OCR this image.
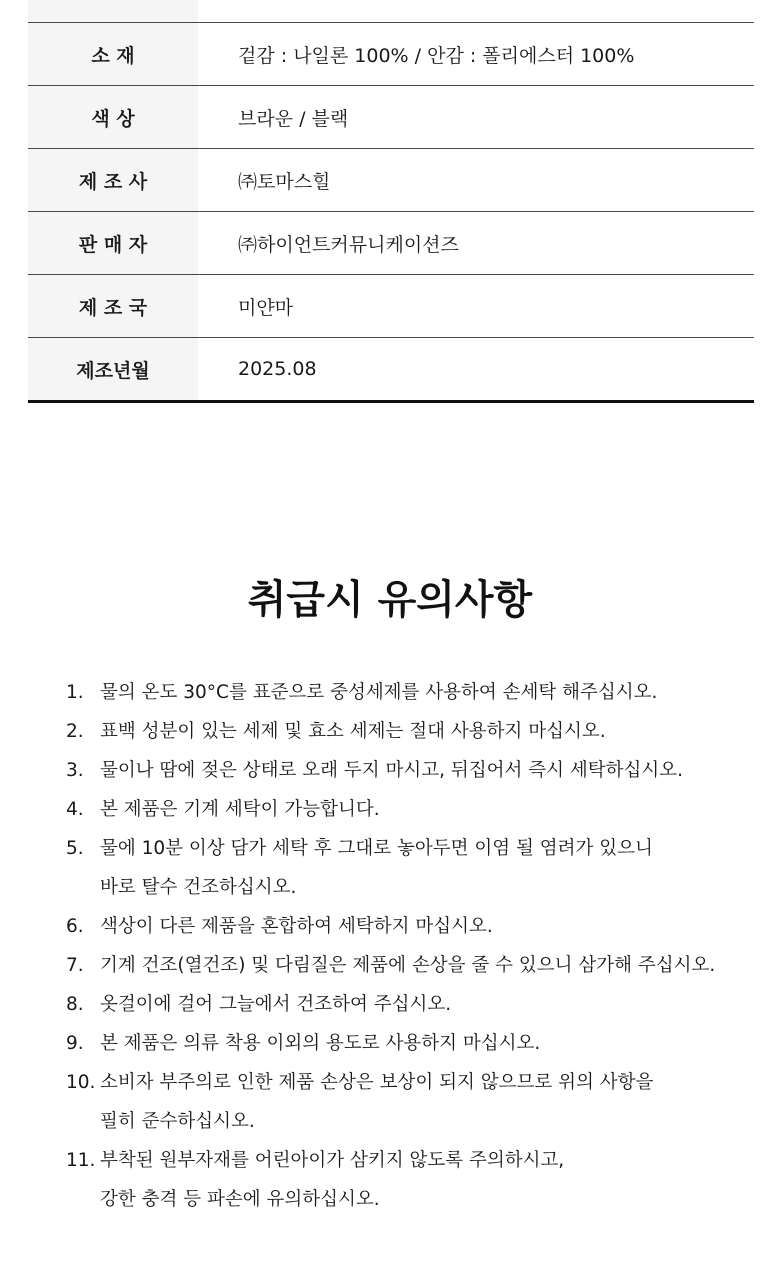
소 재	겉감 : 나일론 100% / 안감 : 폴리에스터 100%
색 상	브라운 / 블랙
제 조 사	㈜토마스힐
판 매 자	㈜하이언트커뮤니케이션즈
제 조 국	미얀마
제조년월	2025.08
취급시 유의사항
1. 물의 온도 30°C를 표준으로 중성세제를 사용하여 손세탁 해주십시오.
2. 표백 성분이 있는 세제 및 효소 세제는 절대 사용하지 마십시오.
3. 물이나 땀에 젖은 상태로 오래 두지 마시고, 뒤집어서 즉시 세탁하십시오.
4. 본 제품은 기계 세탁이 가능합니다.
5. 물에 10분 이상 담가 세탁 후 그대로 놓아두면 이염 될 염려가 있으니
바로 탈수 건조하십시오.
6. 색상이 다른 제품을 혼합하여 세탁하지 마십시오.
7. 기계 건조(열건조) 및 다림질은 제품에 손상을 줄 수 있으니 삼가해 주십시오.
8. 옷걸이에 걸어 그늘에서 건조하여 주십시오.
9. 본 제품은 의류 착용 이외의 용도로 사용하지 마십시오.
10. 소비자 부주의로 인한 제품 손상은 보상이 되지 않으므로 위의 사항을
필히 준수하십시오.
11. 부착된 원부자재를 어린아이가 삼키지 않도록 주의하시고,
강한 충격 등 파손에 유의하십시오.
